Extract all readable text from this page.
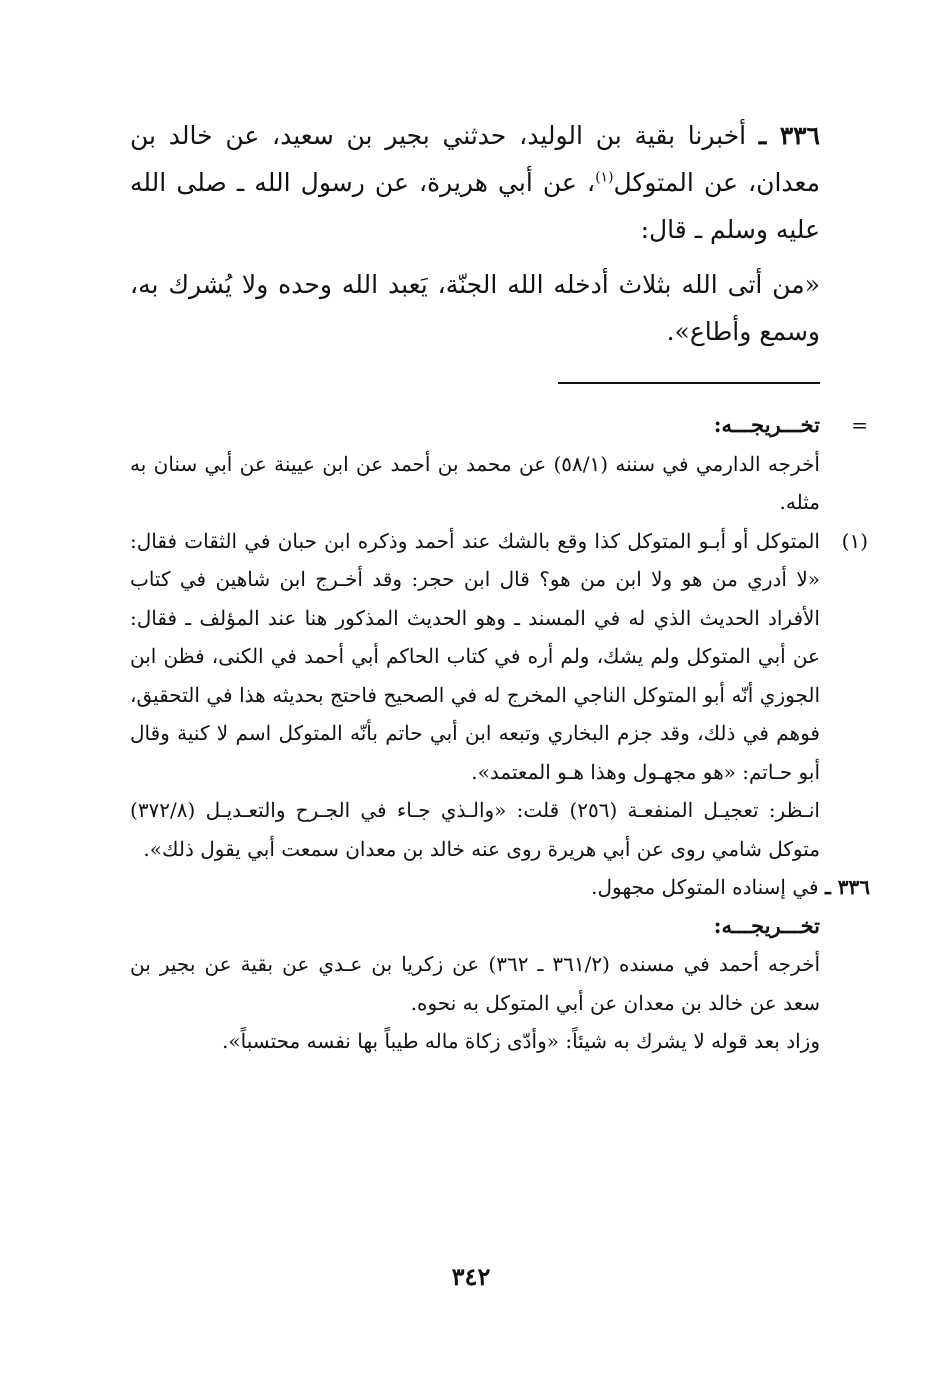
٣٣٦ ـ أخبرنا بقية بن الوليد، حدثني بجير بن سعيد، عن خالد بن معدان، عن المتوكل$^{(١)}$، عن أبي هريرة، عن رسول الله ـ صلى الله عليه وسلم ـ قال:

«من أتى الله بثلاث أدخله الله الجنّة، يَعبد الله وحده ولا يُشرك به، وسمع وأطاع».

=

تخـــريجـــه:

أخرجه الدارمي في سننه (٥٨/١) عن محمد بن أحمد عن ابن عيينة عن أبي سنان به مثله.

(١)

المتوكل أو أبـو المتوكل كذا وقع بالشك عند أحمد وذكره ابن حبان في الثقات فقال: «لا أدري من هو ولا ابن من هو؟ قال ابن حجر: وقد أخـرج ابن شاهين في كتاب الأفراد الحديث الذي له في المسند ـ وهو الحديث المذكور هنا عند المؤلف ـ فقال: عن أبي المتوكل ولم يشك، ولم أره في كتاب الحاكم أبي أحمد في الكنى، فظن ابن الجوزي أنّه أبو المتوكل الناجي المخرج له في الصحيح فاحتج بحديثه هذا في التحقيق، فوهم في ذلك، وقد جزم البخاري وتبعه ابن أبي حاتم بأنّه المتوكل اسم لا كنية وقال أبو حـاتم: «هو مجهـول وهذا هـو المعتمد».

انـظر: تعجيـل المنفعـة (٢٥٦) قلت: «والـذي جـاء في الجـرح والتعـديـل (٣٧٢/٨) متوكل شامي روى عن أبي هريرة روى عنه خالد بن معدان سمعت أبي يقول ذلك».

٣٣٦ ـ في إسناده المتوكل مجهول.

تخـــريجـــه:

أخرجه أحمد في مسنده (٣٦١/٢ ـ ٣٦٢) عن زكريا بن عـدي عن بقية عن بجير بن سعد عن خالد بن معدان عن أبي المتوكل به نحوه.

وزاد بعد قوله لا يشرك به شيئاً: «وأدّى زكاة ماله طيباً بها نفسه محتسباً».

٣٤٢
